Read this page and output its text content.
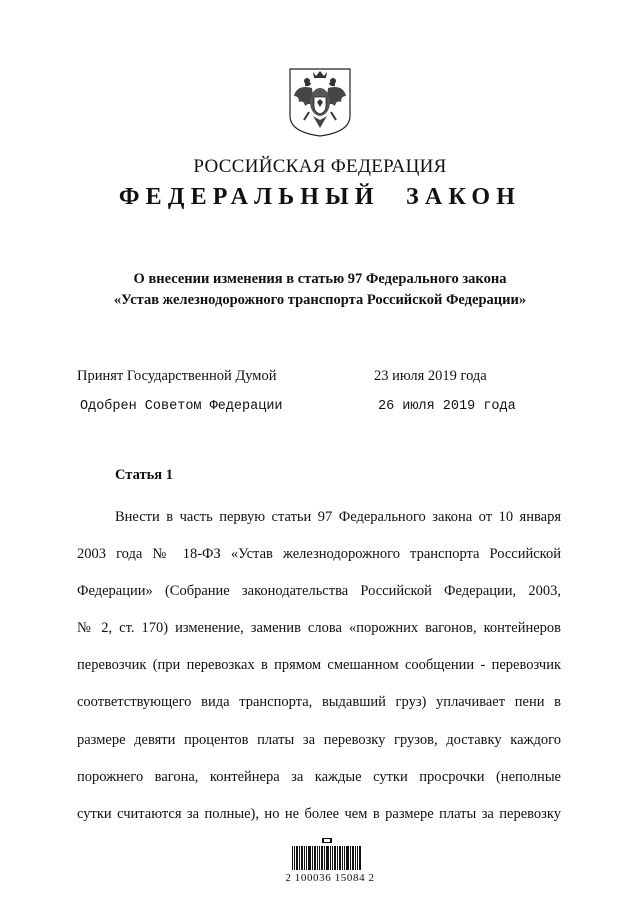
РОССИЙСКАЯ ФЕДЕРАЦИЯ
ФЕДЕРАЛЬНЫЙ ЗАКОН
О внесении изменения в статью 97 Федерального закона
«Устав железнодорожного транспорта Российской Федерации»
Принят Государственной Думой	23 июля 2019 года
Одобрен Советом Федерации	26 июля 2019 года
Статья 1
Внести в часть первую статьи 97 Федерального закона от 10 января
2003 года № 18-ФЗ «Устав железнодорожного транспорта Российской
Федерации» (Собрание законодательства Российской Федерации, 2003,
№ 2, ст. 170) изменение, заменив слова «порожних вагонов, контейнеров
перевозчик (при перевозках в прямом смешанном сообщении - перевозчик
соответствующего вида транспорта, выдавший груз) уплачивает пени в
размере девяти процентов платы за перевозку грузов, доставку каждого
порожнего вагона, контейнера за каждые сутки просрочки (неполные
сутки считаются за полные), но не более чем в размере платы за перевозку
2 100036 15084 2
